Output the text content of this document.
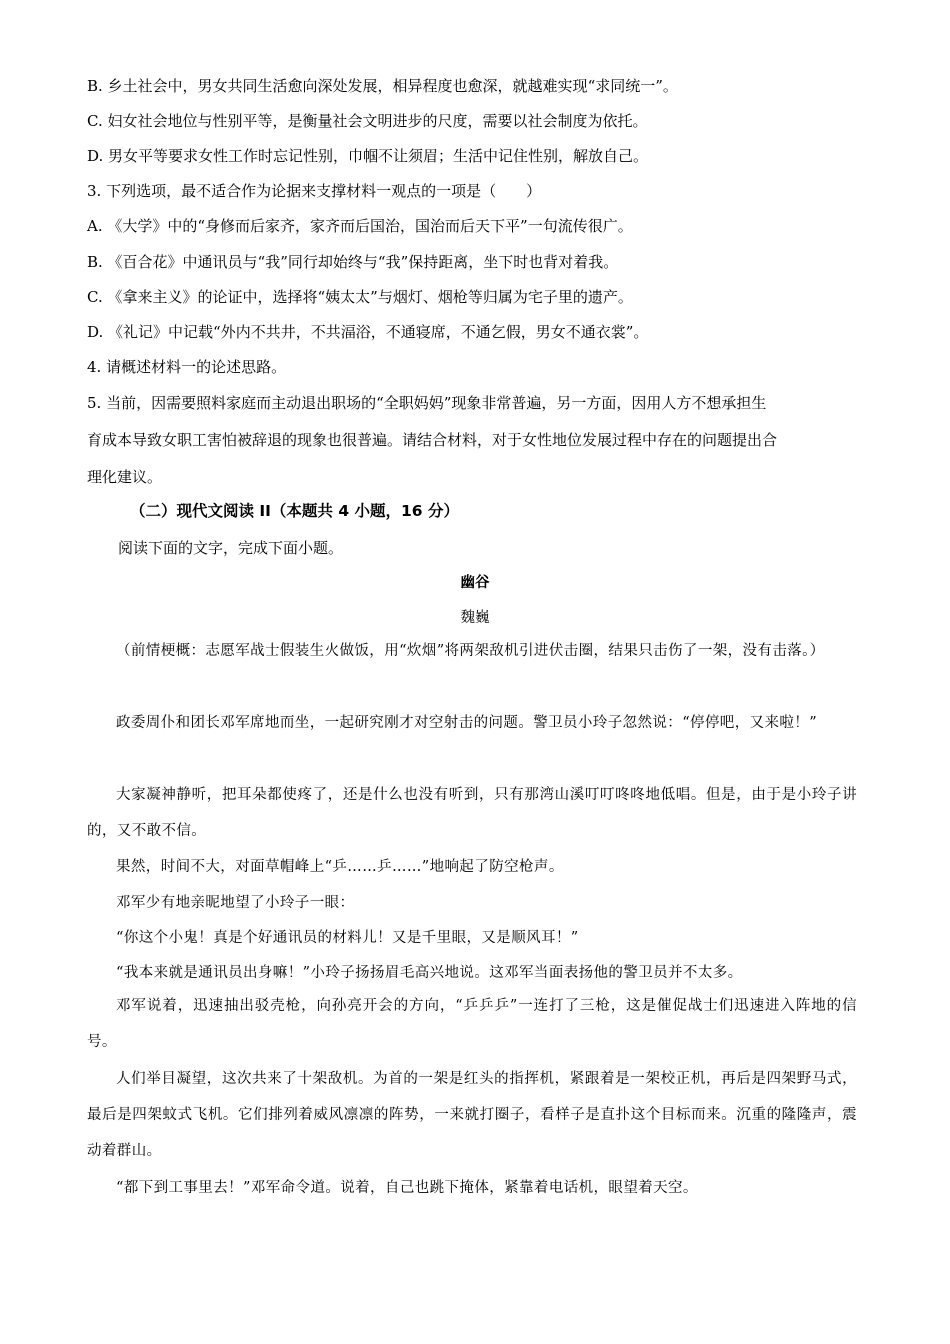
B. 乡土社会中，男女共同生活愈向深处发展，相异程度也愈深，就越难实现“求同统一”。
C. 妇女社会地位与性别平等，是衡量社会文明进步的尺度，需要以社会制度为依托。
D. 男女平等要求女性工作时忘记性别，巾帼不让须眉；生活中记住性别，解放自己。
3. 下列选项，最不适合作为论据来支撑材料一观点的一项是（　　）
A. 《大学》中的“身修而后家齐，家齐而后国治，国治而后天下平”一句流传很广。
B. 《百合花》中通讯员与“我”同行却始终与“我”保持距离，坐下时也背对着我。
C. 《拿来主义》的论证中，选择将“姨太太”与烟灯、烟枪等归属为宅子里的遗产。
D. 《礼记》中记载“外内不共井，不共湢浴，不通寝席，不通乞假，男女不通衣裳”。
4. 请概述材料一的论述思路。
5. 当前，因需要照料家庭而主动退出职场的“全职妈妈”现象非常普遍，另一方面，因用人方不想承担生
育成本导致女职工害怕被辞退的现象也很普遍。请结合材料，对于女性地位发展过程中存在的问题提出合
理化建议。
（二）现代文阅读 II（本题共 4 小题，16 分）
阅读下面的文字，完成下面小题。
幽谷
魏巍
（前情梗概：志愿军战士假装生火做饭，用“炊烟”将两架敌机引进伏击圈，结果只击伤了一架，没有击落。）
政委周仆和团长邓军席地而坐，一起研究刚才对空射击的问题。警卫员小玲子忽然说：“停停吧，又来啦！”
大家凝神静听，把耳朵都使疼了，还是什么也没有听到，只有那湾山溪叮叮咚咚地低唱。但是，由于是小玲子讲的，又不敢不信。
果然，时间不大，对面草帽峰上“乒……乒……”地响起了防空枪声。
邓军少有地亲昵地望了小玲子一眼：
“你这个小鬼！真是个好通讯员的材料儿！又是千里眼，又是顺风耳！”
“我本来就是通讯员出身嘛！”小玲子扬扬眉毛高兴地说。这邓军当面表扬他的警卫员并不太多。
邓军说着，迅速抽出驳壳枪，向孙亮开会的方向，“乒乒乒”一连打了三枪，这是催促战士们迅速进入阵地的信号。
人们举目凝望，这次共来了十架敌机。为首的一架是红头的指挥机，紧跟着是一架校正机，再后是四架野马式，最后是四架蚊式飞机。它们排列着威风凛凛的阵势，一来就打圈子，看样子是直扑这个目标而来。沉重的隆隆声，震动着群山。
“都下到工事里去！”邓军命令道。说着，自己也跳下掩体，紧靠着电话机，眼望着天空。
